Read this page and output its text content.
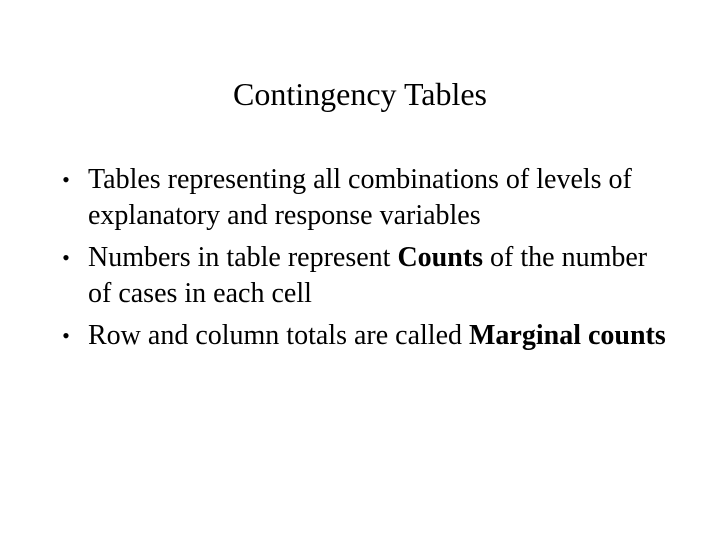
Contingency Tables
• Tables representing all combinations of levels of explanatory and response variables
• Numbers in table represent Counts of the number of cases in each cell
• Row and column totals are called Marginal counts
